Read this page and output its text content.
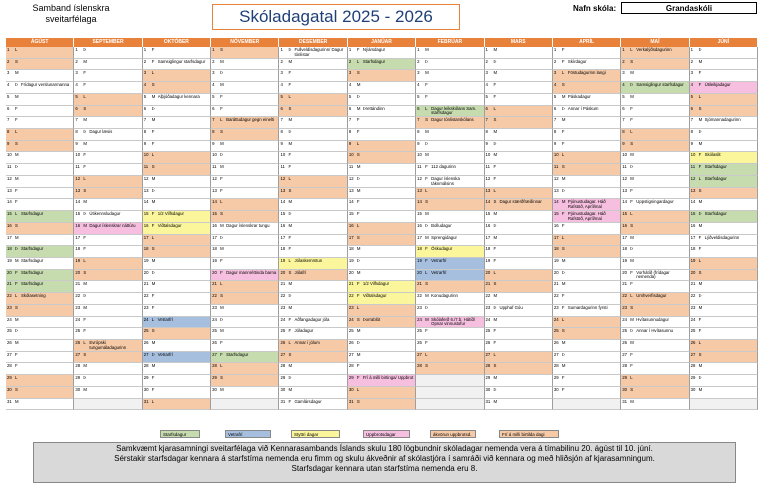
Samband íslenskra
sveitarfélaga	Skóladagatal 2025 - 2026	Nafn skóla:	Grandaskóli
ÁGÚST
1	L
2	S
3	M
4	Þ Frídagur verslunarmanna
5	M
6	F
7	F
8	L
9	S
10 M
11 Þ
12 M
13 F
14 F
15 L Starfsdagur
16 S
17 M
18 Þ Starfsdagur
19 M Starfsdagur
20 F Starfsdagur
21 F Starfsdagur
22 L Skólasetning
23 S
24 M
25 Þ
26 M
27 F
28 F
29 L
30 S
31 M
SEPTEMBER
1	Þ
2	M
3	F
4	F
5	L
6	S
7	M
8	Þ Dagur læsis
9	M
10 F
11 F
12 L
13 S
14 M
15 Þ Útikennsludagur
16 M Dagur íslenskrar náttúru
17 F
18 F
19 L
20 S
21 M
22 Þ
23 M
24 F
25 F
26 L Evrópski tungumáladagurinn
27 S
28 M
29 Þ
30 M
OKTÓBER
1	F
2	F Samsiglingur starfsdagur
3	L
4	S
5	M Alþjóðadagur kennara
6	Þ
7	M
8	F
9	F
10 L
11 S
12 M
13 Þ
14 M
15 F 1/2 Vilfsdagur
16 F Viðtalsdagur
17 L
18 S
19 M
20 Þ
21 M
22 F
23 F
24 L Vetrarfrí
25 S
26 M
27 Þ Vetrarfrí
28 M
29 F
30 F
31 L
NÓVEMBER
1	S
2	M
3	Þ
4	M
5	F
6	F
7	L Baráttudagur gegn einelti
8	S
9	M
10 Þ
11 M
12 F
13 F
14 L
15 S
16 M Dagur íslenskrar tungu
17 Þ
18 M
19 F
20 F Dagur mannréttinda barna
21 L
22 S
23 M
24 Þ
25 M
26 F
27 F Starfsdagur
28 L
29 S
30 M
DESEMBER
1	Þ Fullveldisdagurinn/ Dagur tónlistar
2	M
3	F
4	F
5	L
6	S
7	M
8	Þ
9	M
10 F
11 F
12 L
13 S
14 M
15 Þ
16 M
17 F
18 F
19 L Jólaskemmtun
20 S Jólafrí
21 M
22 Þ
23 M
24 F Aðfangadagur jóla
25 F Jóladagur
26 L Annar í jólum
27 S
28 M
29 Þ
30 M
31 F Gamlársdagur
JANÚAR
1	F Nýársdagur
2	L Starfsdagur
3	S
4	M
5	Þ
6	M Þrettándinn
7	F
8	F
9	L
10 S
11 M
12 Þ
13 M
14 F
15 F
16 L
17 S
18 M
19 Þ
20 M
21 F 1/2 Vilfsdagur
22 F Viðtalsdagur
23 L
24 S Þorrablót
25 M
26 Þ
27 M
28 F
29 F Frí á milli birtinga/ Uppbrot
30 L
31 S
FEBRÚAR
1	M
2	Þ
3	M
4	F
5	F
6	L Dagur leikskólans Sam. starfsdagur
7	S Dagur tónlistarskólans
8	M
9	Þ
10 M
11 F 112 dagurinn
12 F Dagur íslenska táknmálsins
13 L
14 S
15 M
16 Þ Bolludagur
17 M Sprengidagur
18 F Öskudagur
19 F Vetrarfrí
20 L Vetrarfrí
21 S
22 M Konudagurinn
23 Þ
24 M Skólaferð 6./7.b. Hátíð/ Opnar vinnustofur
25 F
26 F
27 L
28 S
MARS
1	M
2	Þ
3	M
4	F
5	F
6	L
7	S
8	M
9	Þ
10 M
11 F
12 F
13 L
14 S Dagur stærðfræðinnar
15 M
16 Þ
17 M
18 F
19 F
20 L
21 S
22 M
23 Þ Upphaf Góu
24 M
25 F
26 F
27 L
28 S
29 M
30 Þ
31 M
APRÍL
1	F
2	F Skírdagur
3	L Föstudagurinn langi
4	S
5	M Páskadagur
6	Þ Annar í Páskum
7	M
8	F
9	F
10 L
11 S
12 M
13 Þ
14 M Pjónustudagar. Háð Rafstöð, Apríl/maí
15 F Pjónustudagar. Háð Rafstöð, Apríl/maí
16 F
17 L
18 S
19 M
20 Þ
21 M
22 F
23 F Sumardagurinn fyrsti
24 L
25 S
26 M
27 Þ
28 M
29 F
30 F
MAÍ
1	L Verkalýðsdagurinn
2	S
3	M
4	Þ Samsiglingur starfsdagur
5	M
6	F
7	F
8	L
9	S
10 M
11 Þ
12 M
13 F
14 F Uppstigningardagur
15 L
16 S
17 M
18 Þ
19 M
20 F Vorhátíð (frídagar nemenda)
21 F
22 L Umhverfisdagur
23 S
24 M Hvítasunnudagur
25 Þ Annar í Hvítasunnu
26 M
27 F
28 F
29 L
30 S
31 M
JÚNÍ
1	Þ
2	M
3	F
4	F Útileikjadagur
5	L
6	S
7	M Sjómannadagurinn
8	Þ
9	M
10 F Skólaslit
11 F Starfsdagur
12 L Starfsdagur
13 S
14 M
15 Þ Starfsdagur
16 M
17 F Lýðveldisdagurinn
18 F
19 L
20 S
21 M
22 Þ
23 M
24 F
25 F
26 L
27 S
28 M
29 Þ
30 M
Starfsdagur	Vetrafrí	Styttri dagar	Uppbrotsdagar	ákvörun uppbrotsd.	Frí á milli birtilda dagi
Samkvæmt kjarasamningi sveitarfélaga við Kennarasambands Íslands skulu 180 lögbundnir skóladagar nemenda vera á tímabilinu 20. ágúst til 10. júní.
Sérstakir starfsdagar kennara á starfstíma nemenda eru fimm og skulu ákveðnir af skólastjóra í samráði við kennara og með hliðsjón af kjarasamningum.
Starfsdagar kennara utan starfstíma nemenda eru 8.
